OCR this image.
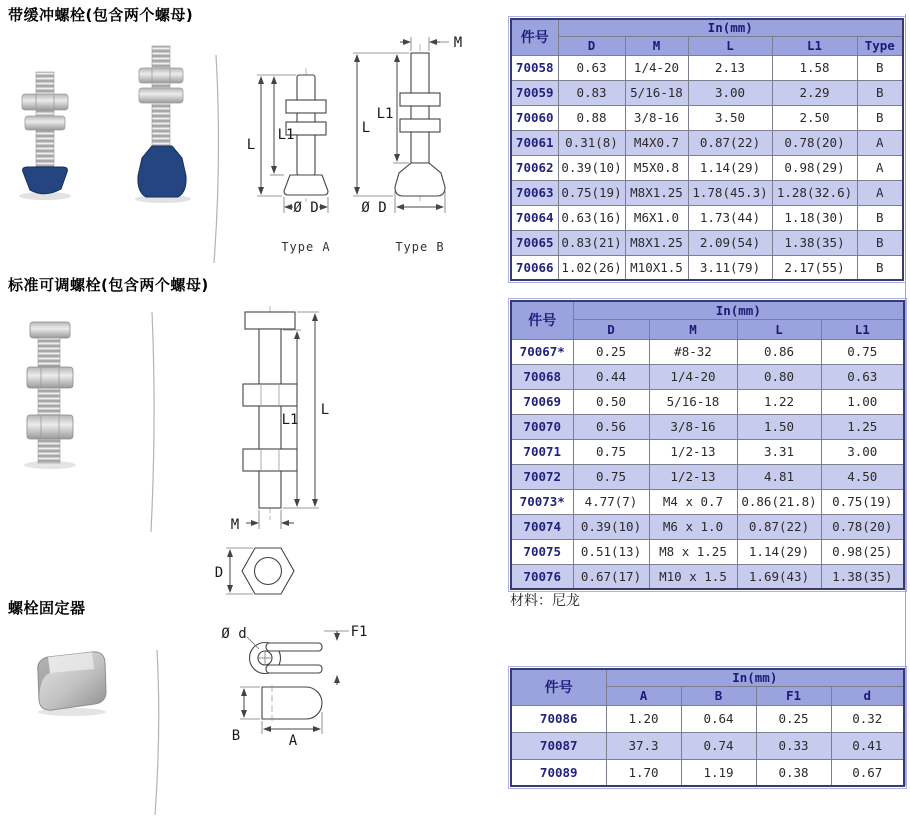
带缓冲螺栓(包含两个螺母)
标准可调螺栓(包含两个螺母)
螺栓固定器
L
L1
Ø D
Type A
M
L
L1
Ø D
Type B
L1
L
M
D
Ø d	F1
B	A
件号	In(mm)				
	D	M	L	L1	Type
70058	0.63	1/4-20	2.13	1.58	B
70059	0.83	5/16-18	3.00	2.29	B
70060	0.88	3/8-16	3.50	2.50	B
70061	0.31(8)	M4X0.7	0.87(22)	0.78(20)	A
70062	0.39(10)	M5X0.8	1.14(29)	0.98(29)	A
70063	0.75(19)	M8X1.25	1.78(45.3)	1.28(32.6)	A
70064	0.63(16)	M6X1.0	1.73(44)	1.18(30)	B
70065	0.83(21)	M8X1.25	2.09(54)	1.38(35)	B
70066	1.02(26)	M10X1.5	3.11(79)	2.17(55)	B
件号	In(mm)			
	D	M	L	L1
70067*	0.25	#8-32	0.86	0.75
70068	0.44	1/4-20	0.80	0.63
70069	0.50	5/16-18	1.22	1.00
70070	0.56	3/8-16	1.50	1.25
70071	0.75	1/2-13	3.31	3.00
70072	0.75	1/2-13	4.81	4.50
70073*	4.77(7)	M4 x 0.7	0.86(21.8)	0.75(19)
70074	0.39(10)	M6 x 1.0	0.87(22)	0.78(20)
70075	0.51(13)	M8 x 1.25	1.14(29)	0.98(25)
70076	0.67(17)	M10 x 1.5	1.69(43)	1.38(35)
材料：尼龙
件号	In(mm)			
	A	B	F1	d
70086	1.20	0.64	0.25	0.32
70087	37.3	0.74	0.33	0.41
70089	1.70	1.19	0.38	0.67
